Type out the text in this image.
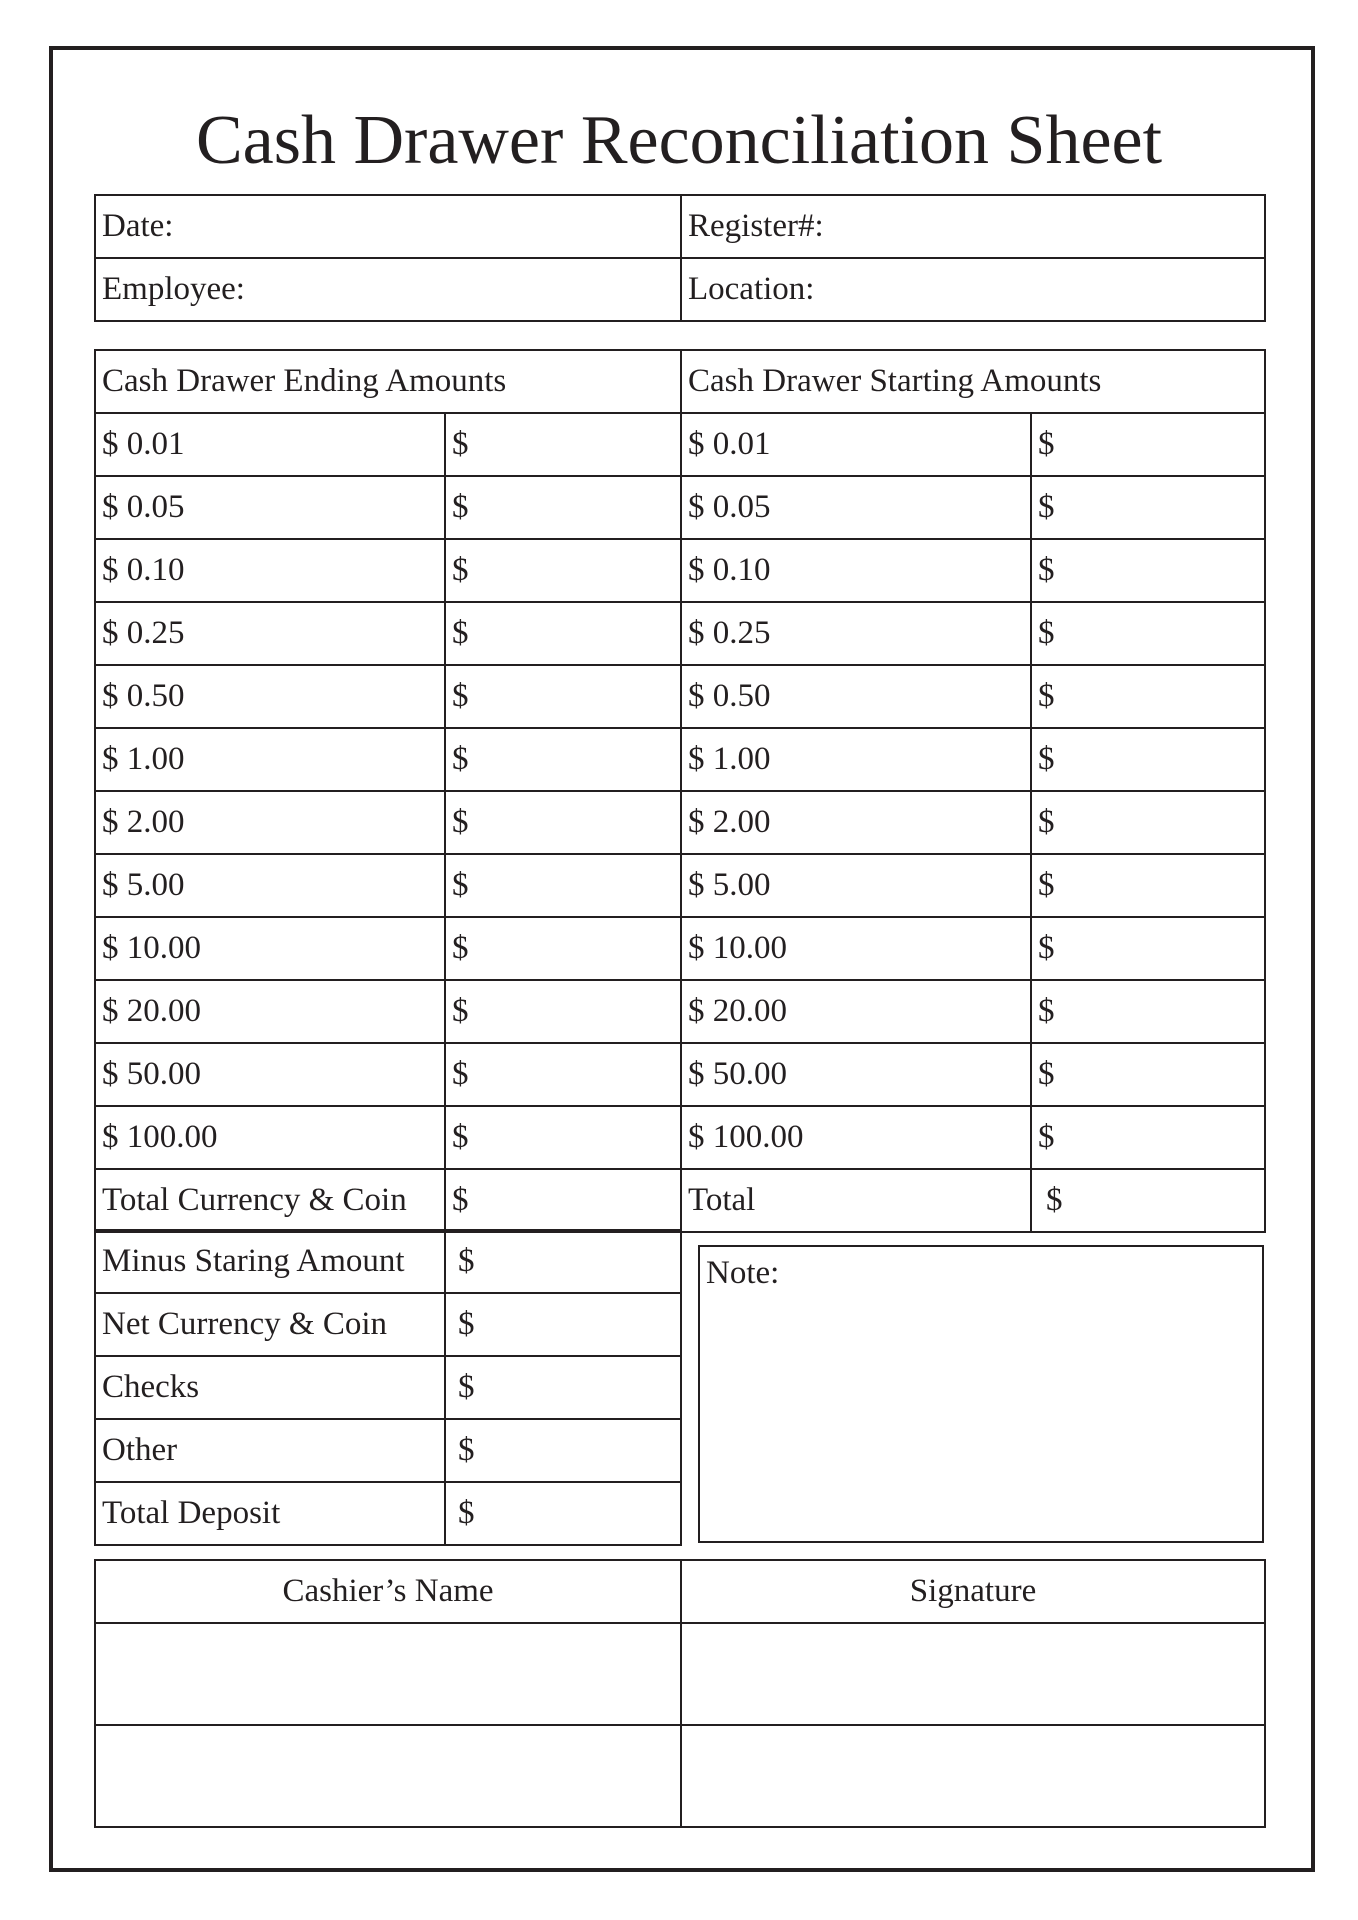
Cash Drawer Reconciliation Sheet
Date:	Register#:
Employee:	Location:
Cash Drawer Ending Amounts		Cash Drawer Starting Amounts	
$ 0.01	$	$ 0.01	$
$ 0.05	$	$ 0.05	$
$ 0.10	$	$ 0.10	$
$ 0.25	$	$ 0.25	$
$ 0.50	$	$ 0.50	$
$ 1.00	$	$ 1.00	$
$ 2.00	$	$ 2.00	$
$ 5.00	$	$ 5.00	$
$ 10.00	$	$ 10.00	$
$ 20.00	$	$ 20.00	$
$ 50.00	$	$ 50.00	$
$ 100.00	$	$ 100.00	$
Total Currency & Coin	$	Total	$
Minus Staring Amount	$
Net Currency & Coin	$
Checks	$
Other	$
Total Deposit	$
Note:
Cashier’s Name	Signature
